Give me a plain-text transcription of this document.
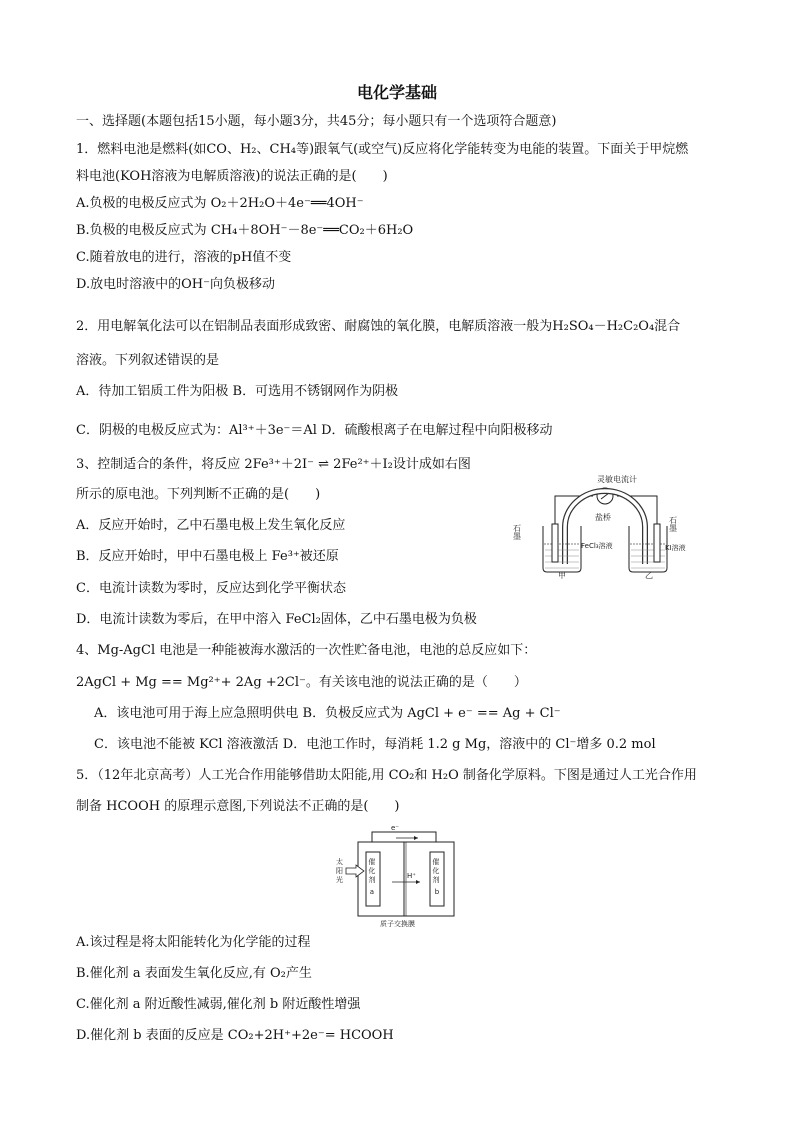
电化学基础
一、选择题(本题包括15小题，每小题3分，共45分；每小题只有一个选项符合题意)
1．燃料电池是燃料(如CO、H₂、CH₄等)跟氧气(或空气)反应将化学能转变为电能的装置。下面关于甲烷燃
料电池(KOH溶液为电解质溶液)的说法正确的是(　　)
A.负极的电极反应式为 O₂＋2H₂O＋4e⁻══4OH⁻
B.负极的电极反应式为 CH₄＋8OH⁻－8e⁻══CO₂＋6H₂O
C.随着放电的进行，溶液的pH值不变
D.放电时溶液中的OH⁻向负极移动
2．用电解氧化法可以在铝制品表面形成致密、耐腐蚀的氧化膜，电解质溶液一般为H₂SO₄－H₂C₂O₄混合
溶液。下列叙述错误的是
A．待加工铝质工件为阳极 B．可选用不锈钢网作为阴极
C．阴极的电极反应式为：Al³⁺＋3e⁻＝Al D．硫酸根离子在电解过程中向阳极移动
3、控制适合的条件，将反应 2Fe³⁺＋2I⁻ ⇌ 2Fe²⁺＋I₂设计成如右图
所示的原电池。下列判断不正确的是(　　)
A．反应开始时，乙中石墨电极上发生氧化反应
B．反应开始时，甲中石墨电极上 Fe³⁺被还原
C．电流计读数为零时，反应达到化学平衡状态
D．电流计读数为零后，在甲中溶入 FeCl₂固体，乙中石墨电极为负极
灵敏电流计
盐桥
石墨	石墨
FeCl₃溶液	KI溶液
甲	乙
4、Mg-AgCl 电池是一种能被海水激活的一次性贮备电池，电池的总反应如下：
2AgCl + Mg == Mg²⁺+ 2Ag +2Cl⁻。有关该电池的说法正确的是（　　）
A．该电池可用于海上应急照明供电 B．负极反应式为 AgCl + e⁻ == Ag + Cl⁻
C．该电池不能被 KCl 溶液激活 D．电池工作时，每消耗 1.2 g Mg，溶液中的 Cl⁻增多 0.2 mol
5．（12年北京高考）人工光合作用能够借助太阳能,用 CO₂和 H₂O 制备化学原料。下图是通过人工光合作用
制备 HCOOH 的原理示意图,下列说法不正确的是(　　)
e⁻
催 化 剂 a 催 化 剂 b
太 阳 光	H⁺
质子交换膜
A.该过程是将太阳能转化为化学能的过程
B.催化剂 a 表面发生氧化反应,有 O₂产生
C.催化剂 a 附近酸性减弱,催化剂 b 附近酸性增强
D.催化剂 b 表面的反应是 CO₂+2H⁺+2e⁻= HCOOH
